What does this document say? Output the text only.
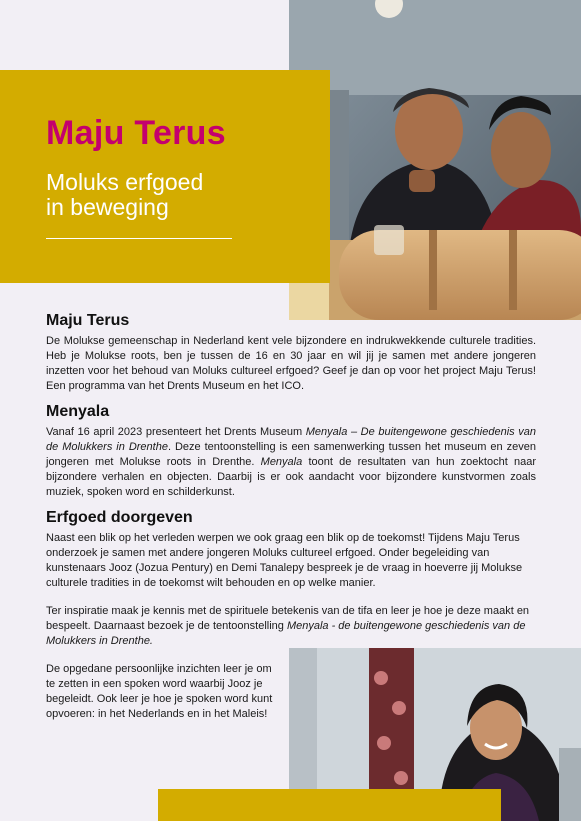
Maju Terus
Moluks erfgoed
in beweging
Maju Terus

De Molukse gemeenschap in Nederland kent vele bijzondere en indrukwekkende culturele tradities. Heb je Molukse roots, ben je tussen de 16 en 30 jaar en wil jij je samen met andere jongeren inzetten voor het behoud van Moluks cultureel erfgoed? Geef je dan op voor het project Maju Terus! Een programma van het Drents Museum en het ICO.

Menyala

Vanaf 16 april 2023 presenteert het Drents Museum Menyala – De buitengewone geschiedenis van de Molukkers in Drenthe. Deze tentoonstelling is een samenwerking tussen het museum en zeven jongeren met Molukse roots in Drenthe. Menyala toont de resultaten van hun zoektocht naar bijzondere verhalen en objecten. Daarbij is er ook aandacht voor bijzondere kunstvormen zoals muziek, spoken word en schilderkunst.

Erfgoed doorgeven

Naast een blik op het verleden werpen we ook graag een blik op de toekomst! Tijdens Maju Terus onderzoek je samen met andere jongeren Moluks cultureel erfgoed. Onder begeleiding van kunstenaars Jooz (Jozua Pentury) en Demi Tanalepy bespreek je de vraag in hoeverre jij Molukse culturele tradities in de toekomst wilt behouden en op welke manier.

Ter inspiratie maak je kennis met de spirituele betekenis van de tifa en leer je hoe je deze maakt en bespeelt. Daarnaast bezoek je de tentoonstelling Menyala - de buitengewone geschiedenis van de Molukkers in Drenthe.

De opgedane persoonlijke inzichten leer je om te zetten in een spoken word waarbij Jooz je begeleidt. Ook leer je hoe je spoken word kunt opvoeren: in het Nederlands en in het Maleis!
